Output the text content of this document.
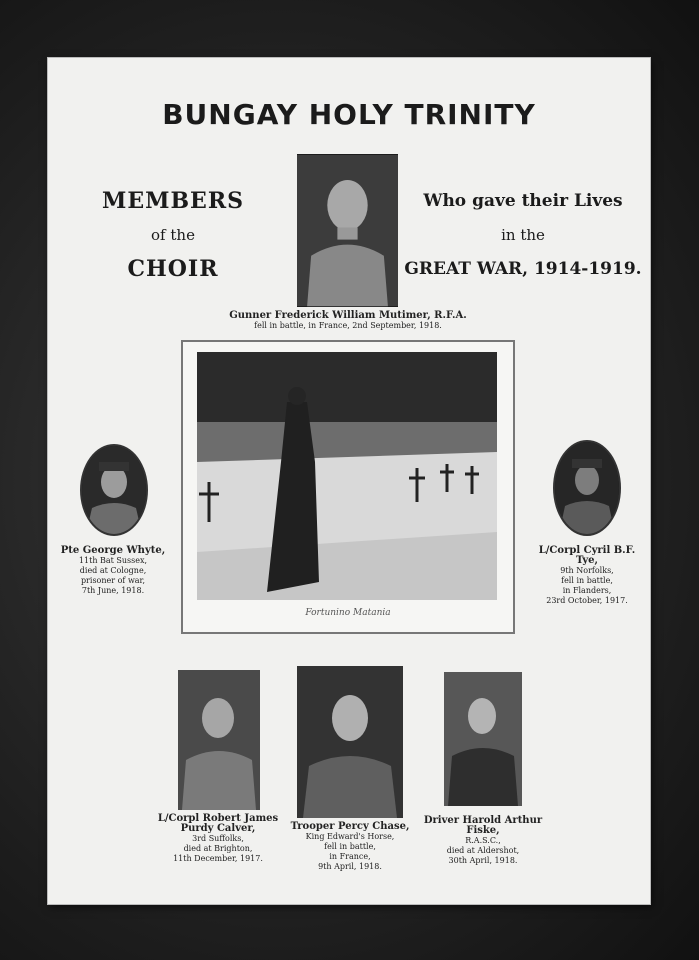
BUNGAY HOLY TRINITY
MEMBERS
of the
CHOIR
Who gave their Lives
in the
GREAT WAR, 1914-1919.
Gunner Frederick William Mutimer, R.F.A.
fell in battle, in France, 2nd September, 1918.
Fortunino Matania
Pte George Whyte,
11th Bat Sussex,
died at Cologne,
prisoner of war,
7th June, 1918.
L/Corpl Cyril B.F. Tye,
9th Norfolks,
fell in battle,
in Flanders,
23rd October, 1917.
L/Corpl Robert James Purdy Calver,
3rd Suffolks,
died at Brighton,
11th December, 1917.
Trooper Percy Chase,
King Edward's Horse,
fell in battle,
in France,
9th April, 1918.
Driver Harold Arthur Fiske,
R.A.S.C.,
died at Aldershot,
30th April, 1918.
